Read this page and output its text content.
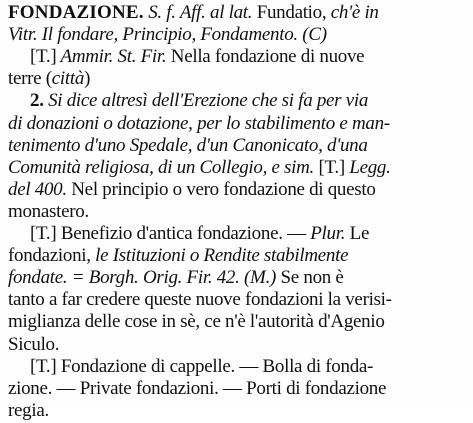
FONDAZIONE. S. f. Aff. al lat. Fundatio, ch'è in
Vitr. Il fondare, Principio, Fondamento. (C)
[T.] Ammir. St. Fir. Nella fondazione di nuove
terre (città)
2. Si dice altresì dell'Erezione che si fa per via
di donazioni o dotazione, per lo stabilimento e man-
tenimento d'uno Spedale, d'un Canonicato, d'una
Comunità religiosa, di un Collegio, e sim. [T.] Legg.
del 400. Nel principio o vero fondazione di questo
monastero.
[T.] Benefizio d'antica fondazione. — Plur. Le
fondazioni, le Istituzioni o Rendite stabilmente
fondate. = Borgh. Orig. Fir. 42. (M.) Se non è
tanto a far credere queste nuove fondazioni la verisi-
miglianza delle cose in sè, ce n'è l'autorità d'Agenio
Siculo.
[T.] Fondazione di cappelle. — Bolla di fonda-
zione. — Private fondazioni. — Porti di fondazione
regia.
